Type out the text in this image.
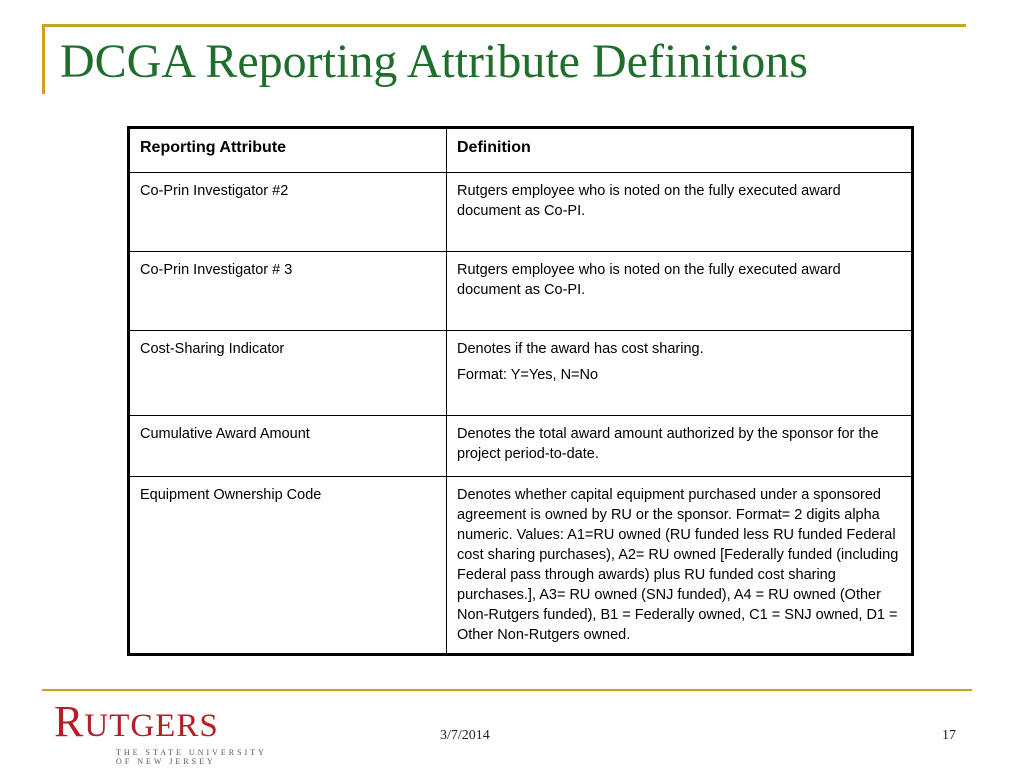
DCGA Reporting Attribute Definitions
Reporting Attribute	Definition
Co-Prin Investigator #2	Rutgers employee who is noted on the fully executed award document as Co-PI.

Co-Prin Investigator # 3	Rutgers employee who is noted on the fully executed award document as Co-PI.

Cost-Sharing Indicator	Denotes if the award has cost sharing.
Format: Y=Yes, N=No

Cumulative Award Amount	Denotes the total award amount authorized by the sponsor for the project period-to-date.

Equipment Ownership Code	Denotes whether capital equipment purchased under a sponsored agreement is owned by RU or the sponsor. Format= 2 digits alpha numeric. Values: A1=RU owned (RU funded less RU funded Federal cost sharing purchases), A2= RU owned [Federally funded (including Federal pass through awards) plus RU funded cost sharing purchases.], A3= RU owned (SNJ funded), A4 = RU owned (Other Non-Rutgers funded), B1 = Federally owned, C1 = SNJ owned, D1 = Other Non-Rutgers owned.
RUTGERS
THE STATE UNIVERSITY
OF NEW JERSEY
3/7/2014	17
